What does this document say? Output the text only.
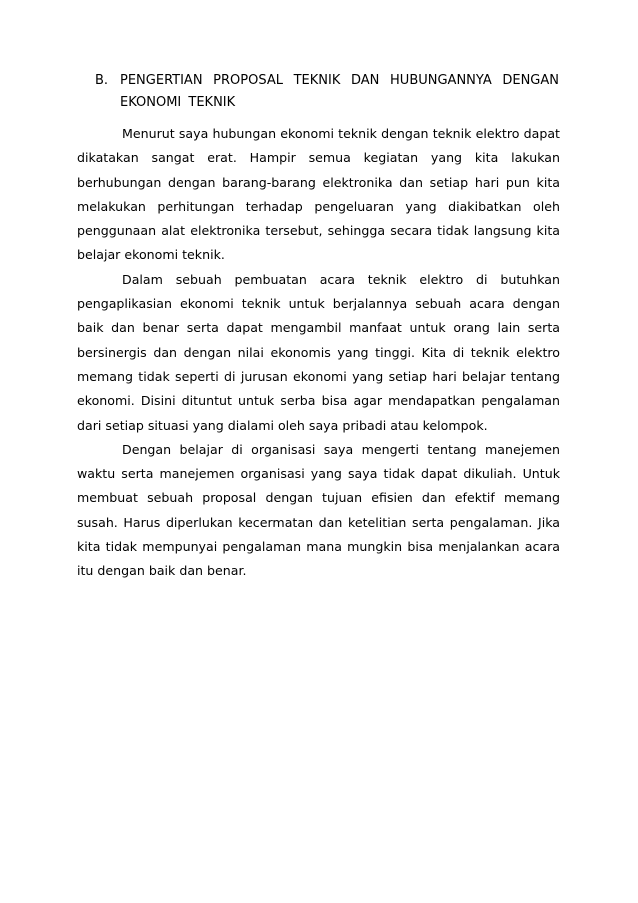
B. PENGERTIAN PROPOSAL TEKNIK DAN HUBUNGANNYA DENGAN EKONOMI TEKNIK

Menurut saya hubungan ekonomi teknik dengan teknik elektro dapat dikatakan sangat erat. Hampir semua kegiatan yang kita lakukan berhubungan dengan barang-barang elektronika dan setiap hari pun kita melakukan perhitungan terhadap pengeluaran yang diakibatkan oleh penggunaan alat elektronika tersebut, sehingga secara tidak langsung kita belajar ekonomi teknik.

Dalam sebuah pembuatan acara teknik elektro di butuhkan pengaplikasian ekonomi teknik untuk berjalannya sebuah acara dengan baik dan benar serta dapat mengambil manfaat untuk orang lain serta bersinergis dan dengan nilai ekonomis yang tinggi. Kita di teknik elektro memang tidak seperti di jurusan ekonomi yang setiap hari belajar tentang ekonomi. Disini dituntut untuk serba bisa agar mendapatkan pengalaman dari setiap situasi yang dialami oleh saya pribadi atau kelompok.

Dengan belajar di organisasi saya mengerti tentang manejemen waktu serta manejemen organisasi yang saya tidak dapat dikuliah. Untuk membuat sebuah proposal dengan tujuan efisien dan efektif memang susah. Harus diperlukan kecermatan dan ketelitian serta pengalaman. Jika kita tidak mempunyai pengalaman mana mungkin bisa menjalankan acara itu dengan baik dan benar.
